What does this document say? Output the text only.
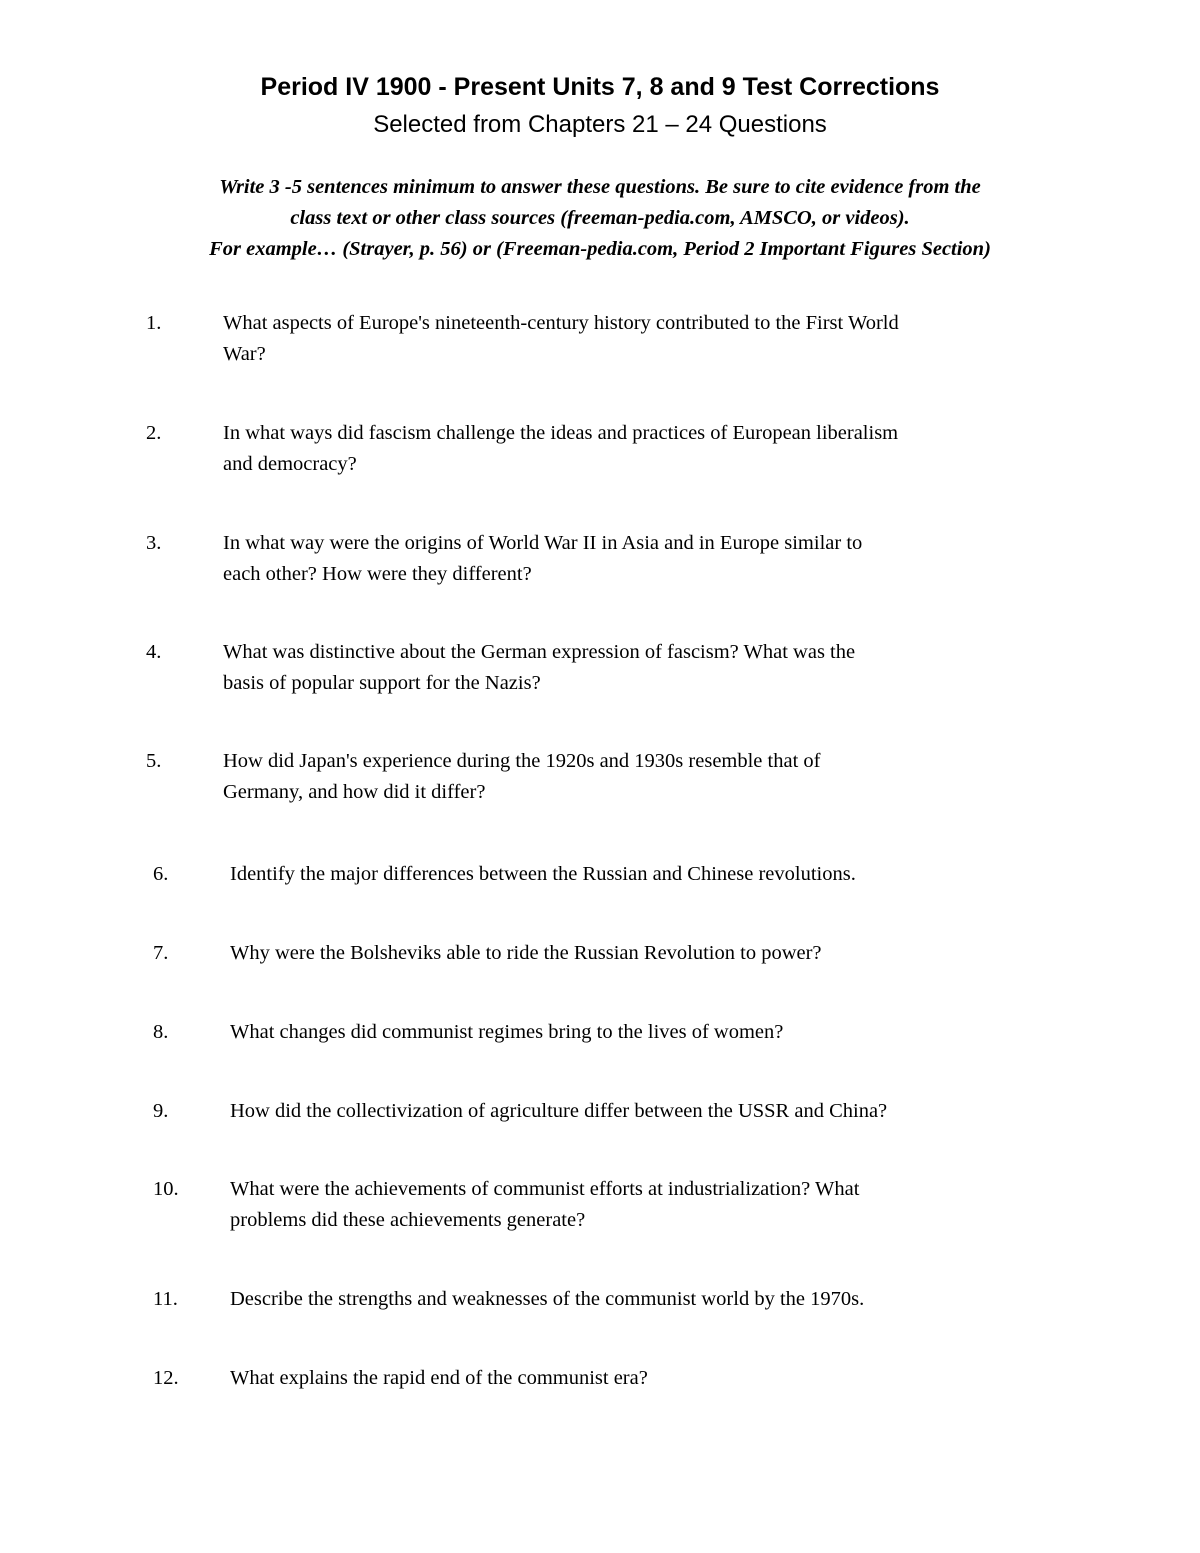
Period IV 1900 - Present Units 7, 8 and 9 Test Corrections
Selected from Chapters 21 – 24 Questions
Write 3 -5 sentences minimum to answer these questions. Be sure to cite evidence from the
class text or other class sources (freeman-pedia.com, AMSCO, or videos).
For example… (Strayer, p. 56) or (Freeman-pedia.com, Period 2 Important Figures Section)
1.	What aspects of Europe's nineteenth-century history contributed to the First World
War?
2.	In what ways did fascism challenge the ideas and practices of European liberalism
and democracy?
3.	In what way were the origins of World War II in Asia and in Europe similar to
each other? How were they different?
4.	What was distinctive about the German expression of fascism? What was the
basis of popular support for the Nazis?
5.	How did Japan's experience during the 1920s and 1930s resemble that of
Germany, and how did it differ?
6.	Identify the major differences between the Russian and Chinese revolutions.
7.	Why were the Bolsheviks able to ride the Russian Revolution to power?
8.	What changes did communist regimes bring to the lives of women?
9.	How did the collectivization of agriculture differ between the USSR and China?
10.	What were the achievements of communist efforts at industrialization? What
problems did these achievements generate?
11.	Describe the strengths and weaknesses of the communist world by the 1970s.
12.	What explains the rapid end of the communist era?
